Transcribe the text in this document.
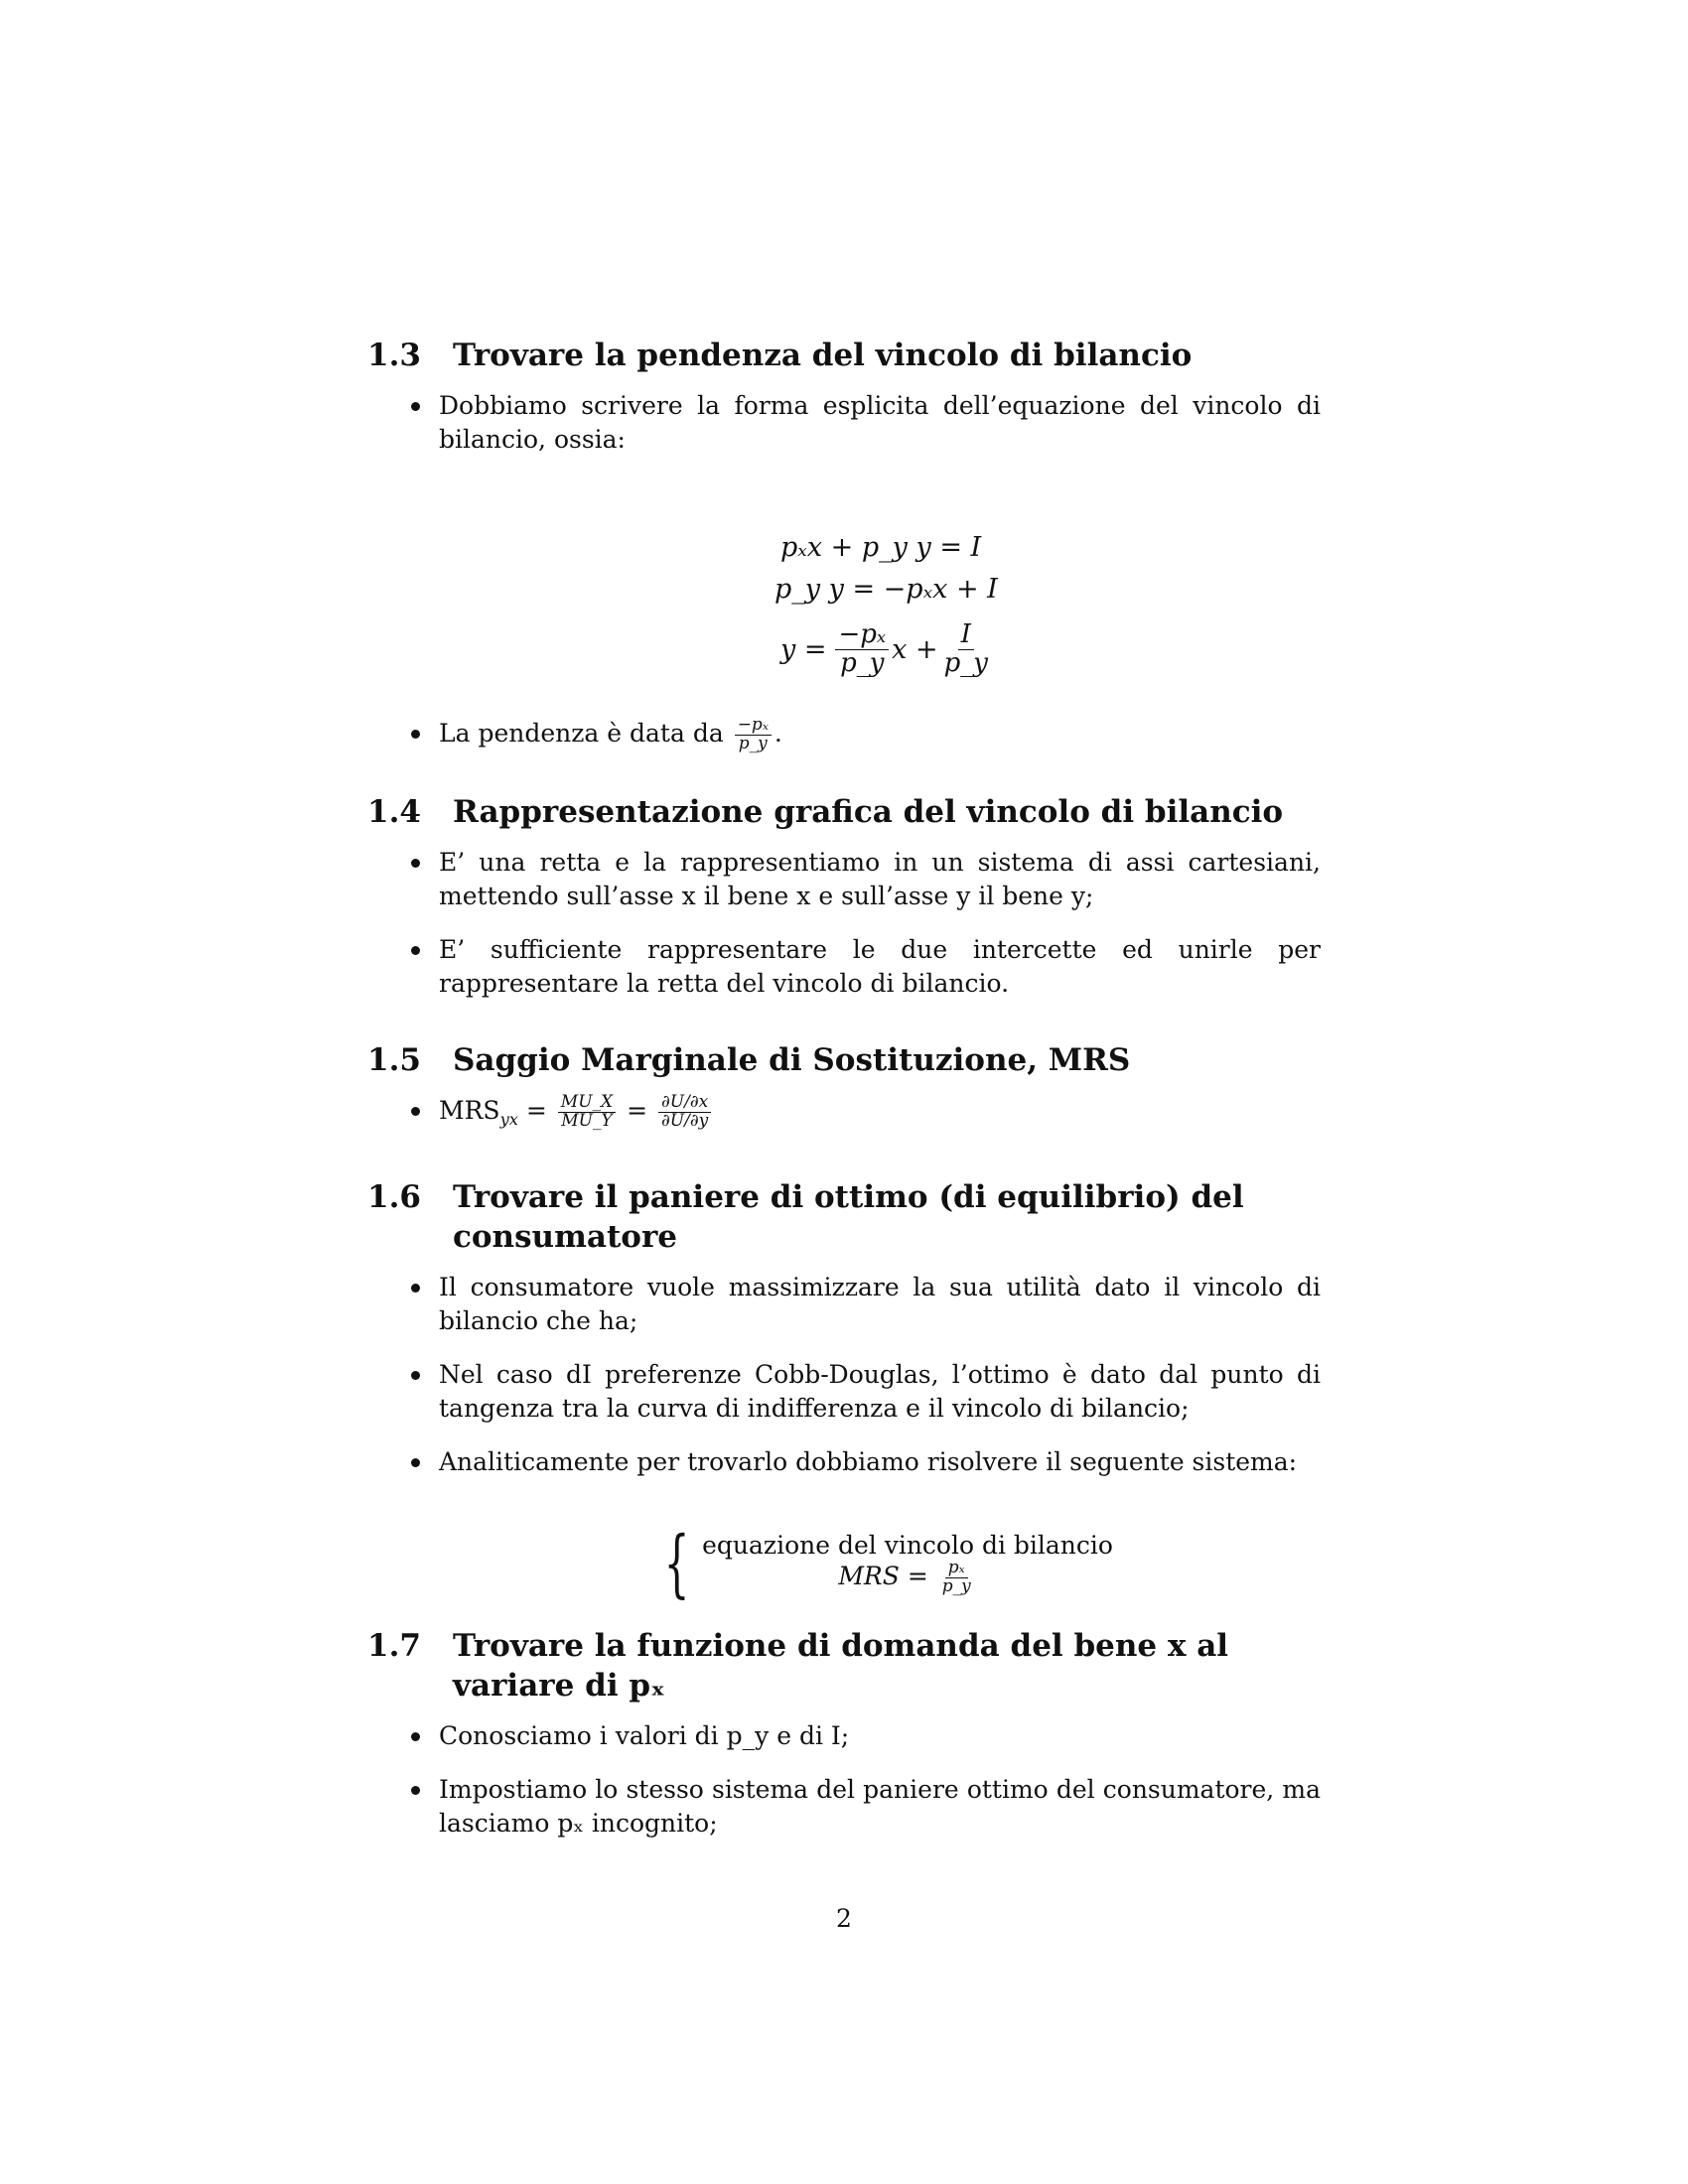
1.3	Trovare la pendenza del vincolo di bilancio
Dobbiamo scrivere la forma esplicita dell’equazione del vincolo di bilancio, ossia:
pₓx + p_y y = I
p_y y = −pₓx + I
$y = \frac{\text{−pₓ}}{p\_y}$ $x + \frac{I}{p\_y}$
La pendenza è data da $\frac{\text{−pₓ}}{p\_y}$ .
1.4	Rappresentazione grafica del vincolo di bilancio
E’ una retta e la rappresentiamo in un sistema di assi cartesiani, mettendo sull’asse x il bene x e sull’asse y il bene y;
E’ sufficiente rappresentare le due intercette ed unirle per rappresentare la retta del vincolo di bilancio.
1.5	Saggio Marginale di Sostituzione, MRS
$MRS_{yx} = \frac{MU\_X}{MU\_Y} = \frac{\partial U/\partial x}{\partial U/\partial y}$
1.6	Trovare il paniere di ottimo (di equilibrio) del consumatore
Il consumatore vuole massimizzare la sua utilità dato il vincolo di bilancio che ha;
Nel caso dI preferenze Cobb-Douglas, l’ottimo è dato dal punto di tangenza tra la curva di indifferenza e il vincolo di bilancio;
Analiticamente per trovarlo dobbiamo risolvere il seguente sistema:
{ equazione del vincolo di bilancio
MRS = $\frac{\text{pₓ}}{p\_y}$
1.7	Trovare la funzione di domanda del bene x al variare di pₓ
Conosciamo i valori di p_y e di I;
Impostiamo lo stesso sistema del paniere ottimo del consumatore, ma lasciamo pₓ incognito;
2
